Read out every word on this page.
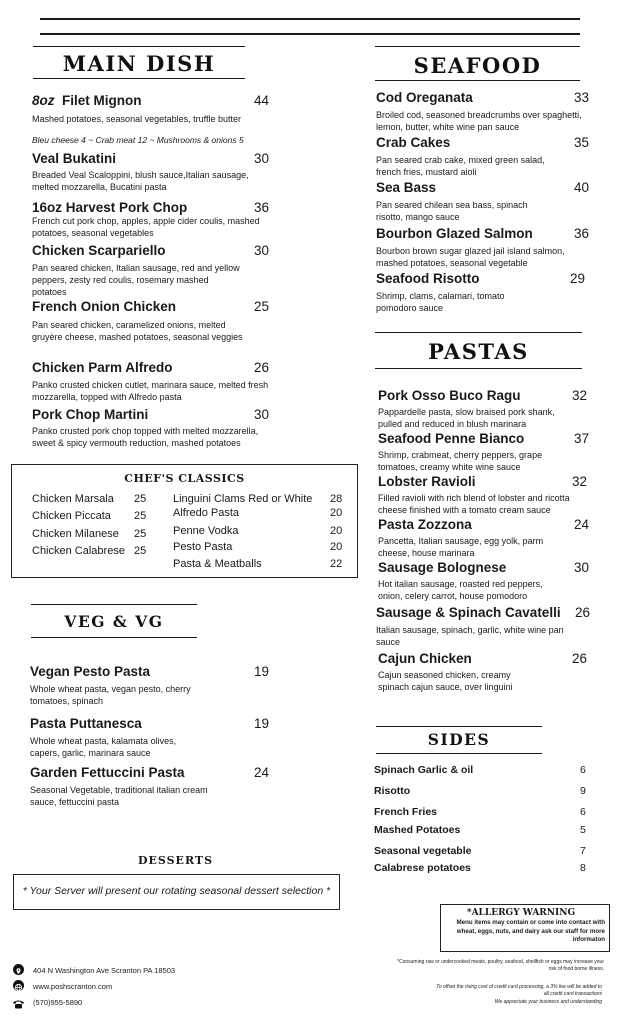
MAIN DISH
8oz Filet Mignon	44
Mashed potatoes, seasonal vegetables, truffle butter
Bleu cheese 4 ~ Crab meat 12 ~ Mushrooms & onions 5
Veal Bukatini	30
Breaded Veal Scaloppini, blush sauce,Italian sausage, melted mozzarella, Bucatini pasta
16oz Harvest Pork Chop	36
French cut pork chop, apples, apple cider coulis, mashed potatoes, seasonal vegetables
Chicken Scarpariello	30
Pan seared chicken, Italian sausage, red and yellow peppers, zesty red coulis, rosemary mashed potatoes
French Onion Chicken	25
Pan seared chicken, caramelized onions, melted gruyère cheese, mashed potatoes, seasonal veggies
Chicken Parm Alfredo	26
Panko crusted chicken cutlet, marinara sauce, melted fresh mozzarella, topped with Alfredo pasta
Pork Chop Martini	30
Panko crusted pork chop topped with melted mozzarella, sweet & spicy vermouth reduction, mashed potatoes
CHEF'S CLASSICS
Chicken Marsala 25
Chicken Piccata 25
Chicken Milanese 25
Chicken Calabrese 25
Linguini Clams Red or White 28
Alfredo Pasta	20
Penne Vodka	20
Pesto Pasta	20
Pasta & Meatballs	22
VEG & VG
Vegan Pesto Pasta	19
Whole wheat pasta, vegan pesto, cherry tomatoes, spinach
Pasta Puttanesca	19
Whole wheat pasta, kalamata olives, capers, garlic, marinara sauce
Garden Fettuccini Pasta	24
Seasonal Vegetable, traditional italian cream sauce, fettuccini pasta
DESSERTS
* Your Server will present our rotating seasonal dessert selection *
SEAFOOD
Cod Oreganata	33
Broiled cod, seasoned breadcrumbs over spaghetti, lemon, butter, white wine pan sauce
Crab Cakes	35
Pan seared crab cake, mixed green salad, french fries, mustard aioli
Sea Bass	40
Pan seared chilean sea bass, spinach risotto, mango sauce
Bourbon Glazed Salmon	36
Bourbon brown sugar glazed jail island salmon, mashed potatoes, seasonal vegetable
Seafood Risotto	29
Shrimp, clams, calamari, tomato pomodoro sauce
PASTAS
Pork Osso Buco Ragu	32
Pappardelle pasta, slow braised pork shank, pulled and reduced in blush marinara
Seafood Penne Bianco	37
Shrimp, crabmeat, cherry peppers, grape tomatoes, creamy white wine sauce
Lobster Ravioli	32
Filled ravioli with rich blend of lobster and ricotta cheese finished with a tomato cream sauce
Pasta Zozzona	24
Pancetta, Italian sausage, egg yolk, parm cheese, house marinara
Sausage Bolognese	30
Hot italian sausage, roasted red peppers, onion, celery carrot, house pomodoro
Sausage & Spinach Cavatelli 26
Italian sausage, spinach, garlic, white wine pan sauce
Cajun Chicken	26
Cajun seasoned chicken, creamy spinach cajun sauce, over linguini
SIDES
Spinach Garlic & oil	6
Risotto	9
French Fries	6
Mashed Potatoes	5
Seasonal vegetable	7
Calabrese potatoes	8
*ALLERGY WARNING
Menu items may contain or come into contact with wheat, eggs, nuts, and dairy ask our staff for more informaton
*Consuming raw or undercooked meats, poultry, seafood, shellfish or eggs may increase your risk of food borne illness.
To offset the rising cost of credit card processing, a 3% fee will be added to all credit card transactions
We appreciate your business and understanding
404 N Washington Ave Scranton PA 18503
www.poshscranton.com
(570)955-5890
